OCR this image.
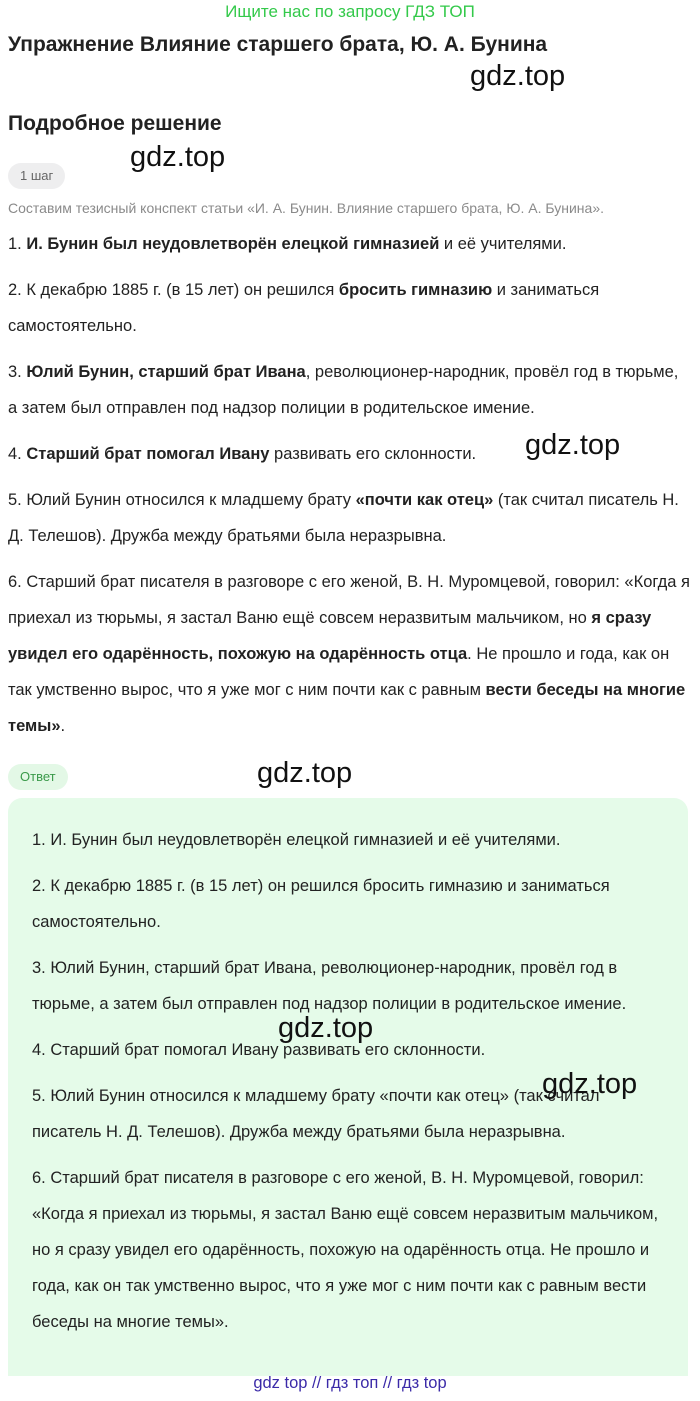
Ищите нас по запросу ГДЗ ТОП
Упражнение Влияние старшего брата, Ю. А. Бунина
gdz.top
Подробное решение
gdz.top
1 шаг
Составим тезисный конспект статьи «И. А. Бунин. Влияние старшего брата, Ю. А. Бунина».

1. И. Бунин был неудовлетворён елецкой гимназией и её учителями.

2. К декабрю 1885 г. (в 15 лет) он решился бросить гимназию и заниматься самостоятельно.

3. Юлий Бунин, старший брат Ивана, революционер-народник, провёл год в тюрьме, а затем был отправлен под надзор полиции в родительское имение.

4. Старший брат помогал Ивану развивать его склонности.

5. Юлий Бунин относился к младшему брату «почти как отец» (так считал писатель Н. Д. Телешов). Дружба между братьями была неразрывна.

6. Старший брат писателя в разговоре с его женой, В. Н. Муромцевой, говорил: «Когда я приехал из тюрьмы, я застал Ваню ещё совсем неразвитым мальчиком, но я сразу увидел его одарённость, похожую на одарённость отца. Не прошло и года, как он так умственно вырос, что я уже мог с ним почти как с равным вести беседы на многие темы».

gdz.top
Ответ	gdz.top

1. И. Бунин был неудовлетворён елецкой гимназией и её учителями.

2. К декабрю 1885 г. (в 15 лет) он решился бросить гимназию и заниматься самостоятельно.

3. Юлий Бунин, старший брат Ивана, революционер-народник, провёл год в тюрьме, а затем был отправлен под надзор полиции в родительское имение.

4. Старший брат помогал Ивану развивать его склонности.

5. Юлий Бунин относился к младшему брату «почти как отец» (так считал писатель Н. Д. Телешов). Дружба между братьями была неразрывна.

6. Старший брат писателя в разговоре с его женой, В. Н. Муромцевой, говорил: «Когда я приехал из тюрьмы, я застал Ваню ещё совсем неразвитым мальчиком, но я сразу увидел его одарённость, похожую на одарённость отца. Не прошло и года, как он так умственно вырос, что я уже мог с ним почти как с равным вести беседы на многие темы».

gdz.top
gdz.top
gdz top // гдз топ // гдз top
